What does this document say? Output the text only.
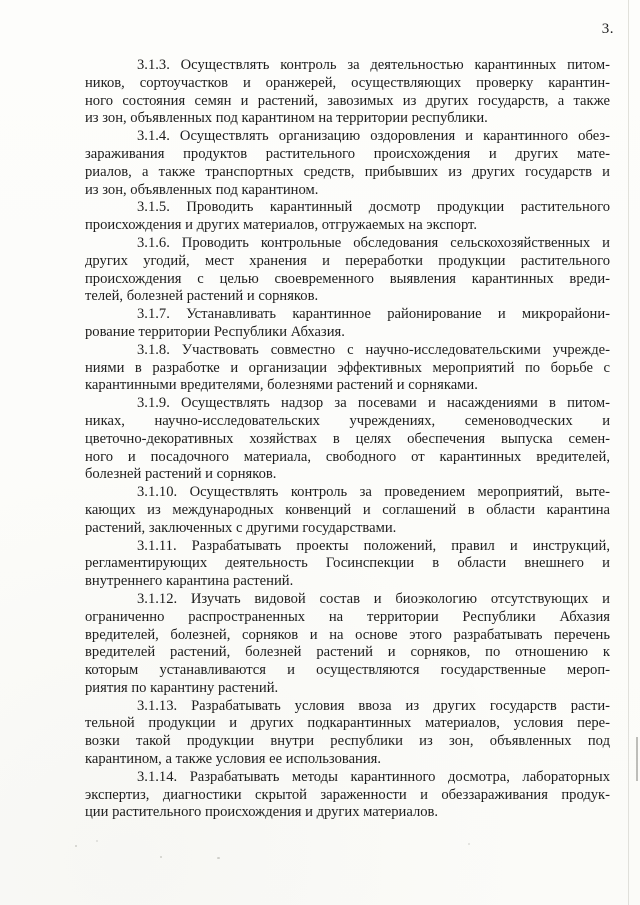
3.
3.1.3. Осуществлять контроль за деятельностью карантинных питом-
ников, сортоучастков и оранжерей, осуществляющих проверку карантин-
ного состояния семян и растений, завозимых из других государств, а также
из зон, объявленных под карантином на территории республики.
3.1.4. Осуществлять организацию оздоровления и карантинного обез-
зараживания продуктов растительного происхождения и других мате-
риалов, а также транспортных средств, прибывших из других государств и
из зон, объявленных под карантином.
3.1.5. Проводить карантинный досмотр продукции растительного
происхождения и других материалов, отгружаемых на экспорт.
3.1.6. Проводить контрольные обследования сельскохозяйственных и
других угодий, мест хранения и переработки продукции растительного
происхождения с целью своевременного выявления карантинных вреди-
телей, болезней растений и сорняков.
3.1.7. Устанавливать карантинное районирование и микрорайони-
рование территории Республики Абхазия.
3.1.8. Участвовать совместно с научно-исследовательскими учрежде-
ниями в разработке и организации эффективных мероприятий по борьбе с
карантинными вредителями, болезнями растений и сорняками.
3.1.9. Осуществлять надзор за посевами и насаждениями в питом-
никах, научно-исследовательских учреждениях, семеноводческих и
цветочно-декоративных хозяйствах в целях обеспечения выпуска семен-
ного и посадочного материала, свободного от карантинных вредителей,
болезней растений и сорняков.
3.1.10. Осуществлять контроль за проведением мероприятий, выте-
кающих из международных конвенций и соглашений в области карантина
растений, заключенных с другими государствами.
3.1.11. Разрабатывать проекты положений, правил и инструкций,
регламентирующих деятельность Госинспекции в области внешнего и
внутреннего карантина растений.
3.1.12. Изучать видовой состав и биоэкологию отсутствующих и
ограниченно распространенных на территории Республики Абхазия
вредителей, болезней, сорняков и на основе этого разрабатывать перечень
вредителей растений, болезней растений и сорняков, по отношению к
которым устанавливаются и осуществляются государственные мероп-
риятия по карантину растений.
3.1.13. Разрабатывать условия ввоза из других государств расти-
тельной продукции и других подкарантинных материалов, условия пере-
возки такой продукции внутри республики из зон, объявленных под
карантином, а также условия ее использования.
3.1.14. Разрабатывать методы карантинного досмотра, лабораторных
экспертиз, диагностики скрытой зараженности и обеззараживания продук-
ции растительного происхождения и других материалов.
